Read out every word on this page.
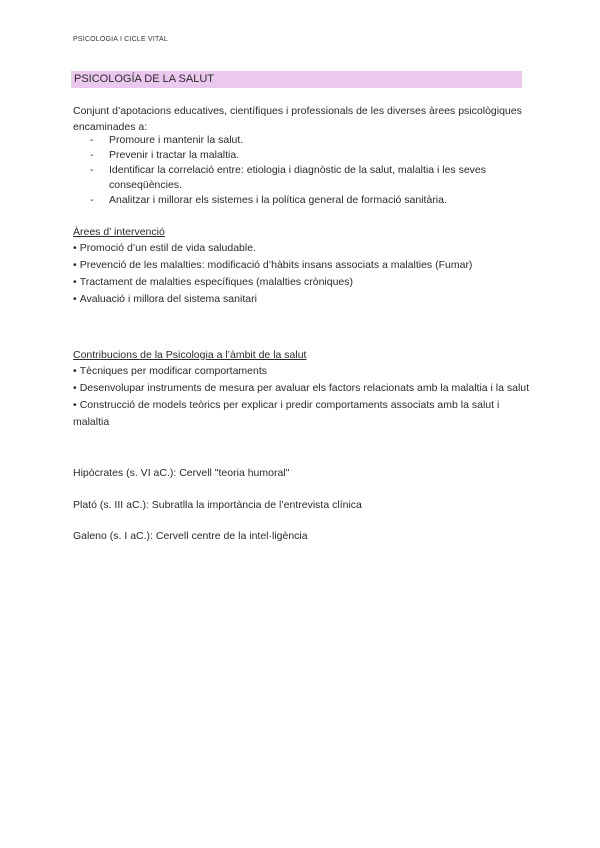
PSICOLOGIA I CICLE VITAL
PSICOLOGÍA DE LA SALUT
Conjunt d’apotacions educatives, científiques i professionals de les diverses àrees psicològiques encaminades a:
- Promoure i mantenir la salut.
- Prevenir i tractar la malaltia.
- Identificar la correlació entre: etiologia i diagnòstic de la salut, malaltia i les seves conseqüències.
- Analitzar i millorar els sistemes i la política general de formació sanitària.
Àrees d’ intervenció
• Promoció d’un estil de vida saludable.
• Prevenció de les malalties: modificació d’hàbits insans associats a malalties (Fumar)
• Tractament de malalties específiques (malalties cròniques)
• Avaluació i millora del sistema sanitari
Contribucions de la Psicologia a l’àmbit de la salut
• Tècniques per modificar comportaments
• Desenvolupar instruments de mesura per avaluar els factors relacionats amb la malaltia i la salut
• Construcció de models teòrics per explicar i predir comportaments associats amb la salut i malaltia
Hipòcrates (s. VI aC.): Cervell "teoria humoral"
Plató (s. III aC.): Subratlla la importància de l’entrevista clínica
Galeno (s. I aC.): Cervell centre de la intel·ligència
